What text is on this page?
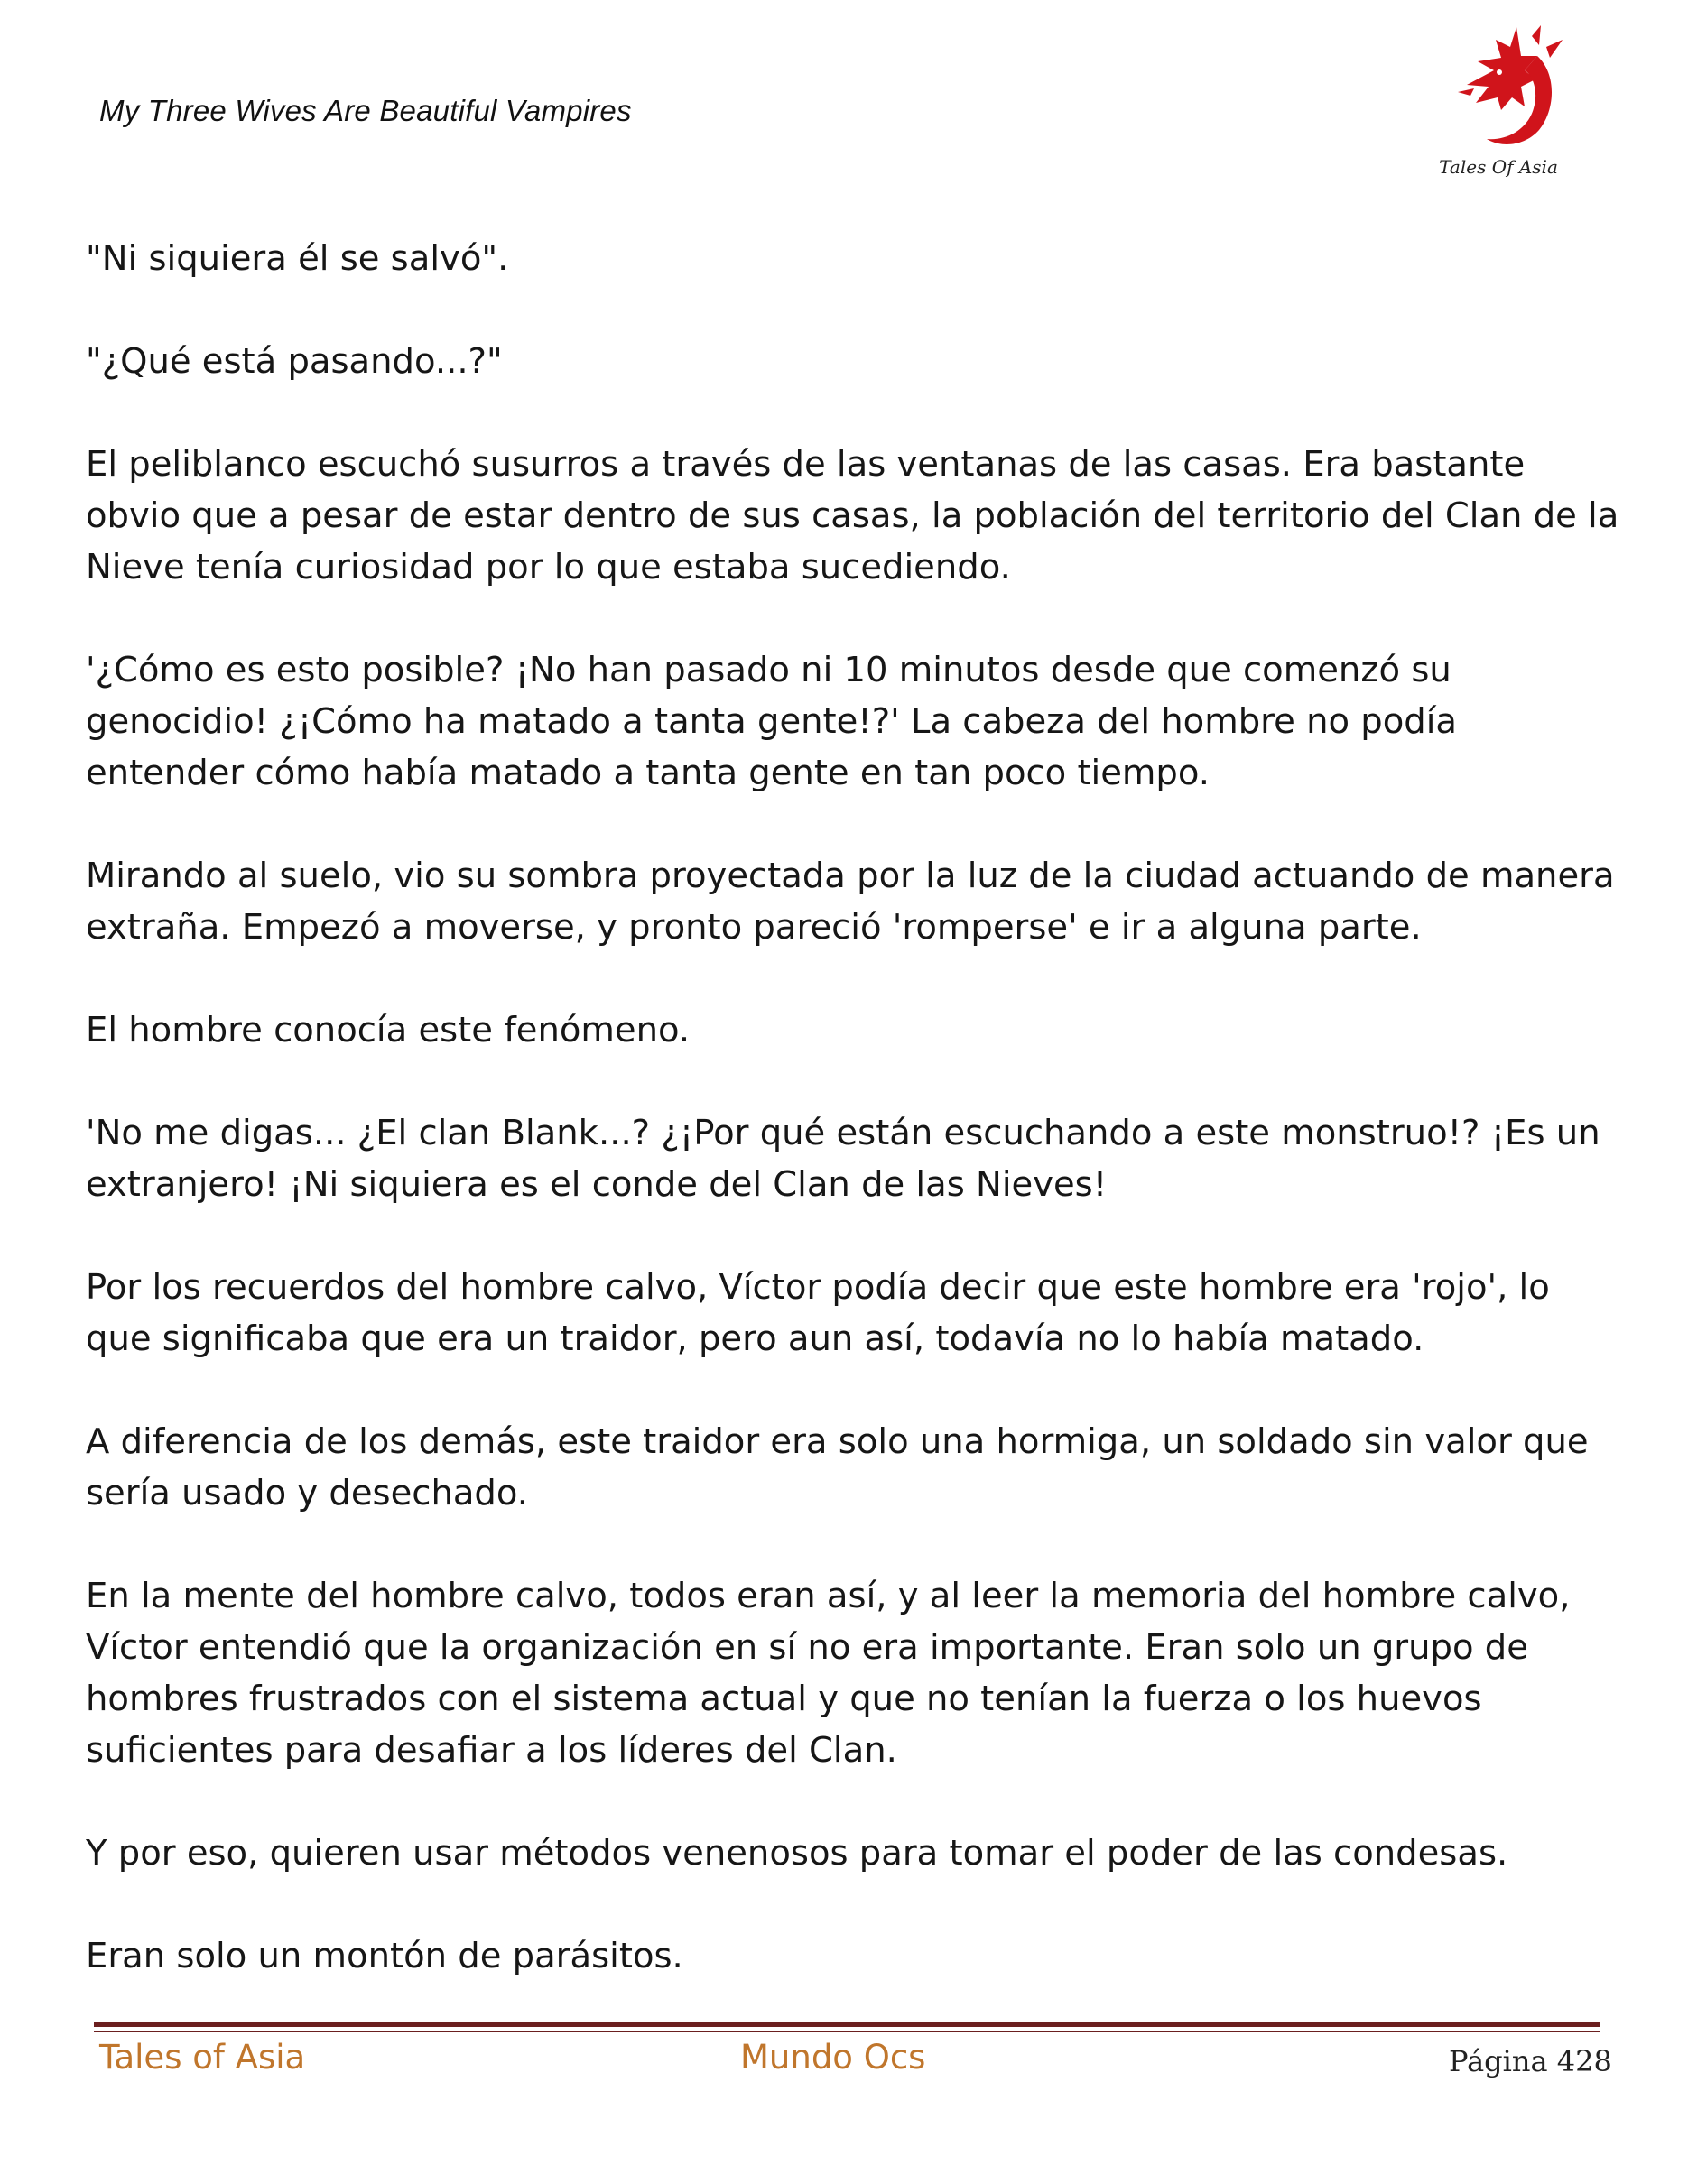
My Three Wives Are Beautiful Vampires
Tales Of Asia

"Ni siquiera él se salvó".

"¿Qué está pasando...?"

El peliblanco escuchó susurros a través de las ventanas de las casas. Era bastante obvio que a pesar de estar dentro de sus casas, la población del territorio del Clan de la Nieve tenía curiosidad por lo que estaba sucediendo.

'¿Cómo es esto posible? ¡No han pasado ni 10 minutos desde que comenzó su genocidio! ¿¡Cómo ha matado a tanta gente!?' La cabeza del hombre no podía entender cómo había matado a tanta gente en tan poco tiempo.

Mirando al suelo, vio su sombra proyectada por la luz de la ciudad actuando de manera extraña. Empezó a moverse, y pronto pareció 'romperse' e ir a alguna parte.

El hombre conocía este fenómeno.

'No me digas... ¿El clan Blank...? ¿¡Por qué están escuchando a este monstruo!? ¡Es un extranjero! ¡Ni siquiera es el conde del Clan de las Nieves!

Por los recuerdos del hombre calvo, Víctor podía decir que este hombre era 'rojo', lo que significaba que era un traidor, pero aun así, todavía no lo había matado.

A diferencia de los demás, este traidor era solo una hormiga, un soldado sin valor que sería usado y desechado.

En la mente del hombre calvo, todos eran así, y al leer la memoria del hombre calvo, Víctor entendió que la organización en sí no era importante. Eran solo un grupo de hombres frustrados con el sistema actual y que no tenían la fuerza o los huevos suficientes para desafiar a los líderes del Clan.

Y por eso, quieren usar métodos venenosos para tomar el poder de las condesas.

Eran solo un montón de parásitos.

Tales of Asia	Mundo Ocs	Página 428
